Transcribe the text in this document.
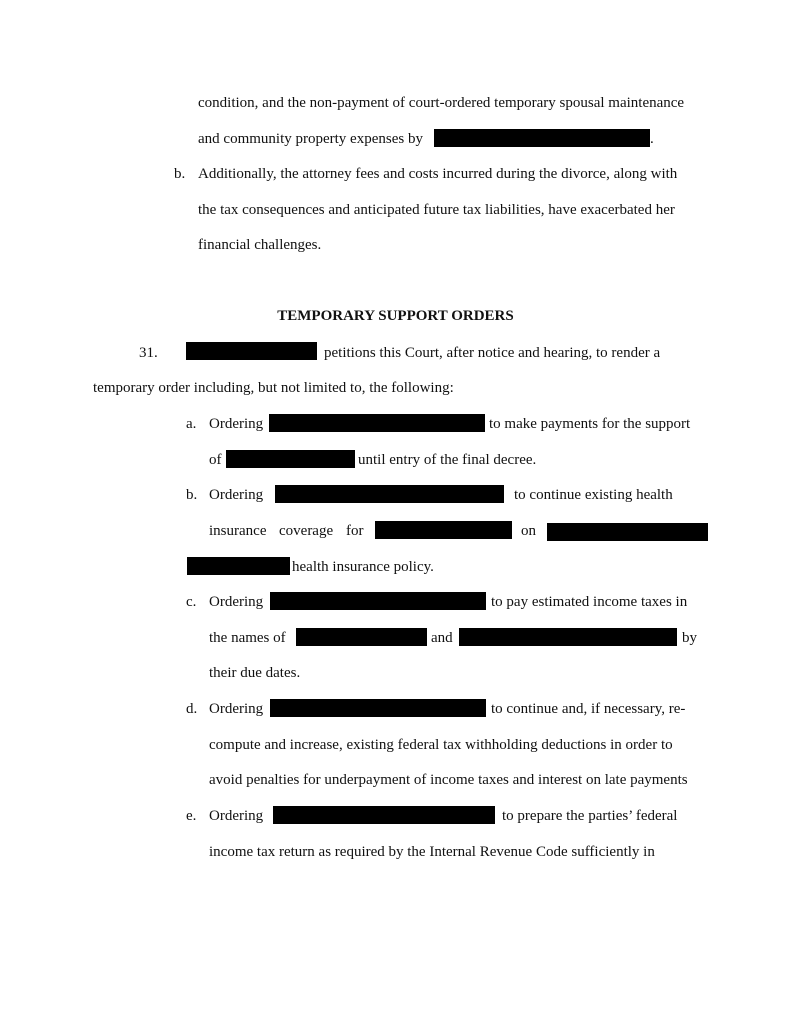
condition, and the non-payment of court-ordered temporary spousal maintenance
and community property expenses by	.
b. Additionally, the attorney fees and costs incurred during the divorce, along with
the tax consequences and anticipated future tax liabilities, have exacerbated her
financial challenges.
TEMPORARY SUPPORT ORDERS
31.	petitions this Court, after notice and hearing, to render a
temporary order including, but not limited to, the following:
a. Ordering	to make payments for the support
of	until entry of the final decree.
b. Ordering	to continue existing health
insurance coverage for	on
health insurance policy.
c. Ordering	to pay estimated income taxes in
the names of	and	by
their due dates.
d. Ordering	to continue and, if necessary, re-
compute and increase, existing federal tax withholding deductions in order to
avoid penalties for underpayment of income taxes and interest on late payments
e. Ordering	to prepare the parties’ federal
income tax return as required by the Internal Revenue Code sufficiently in
